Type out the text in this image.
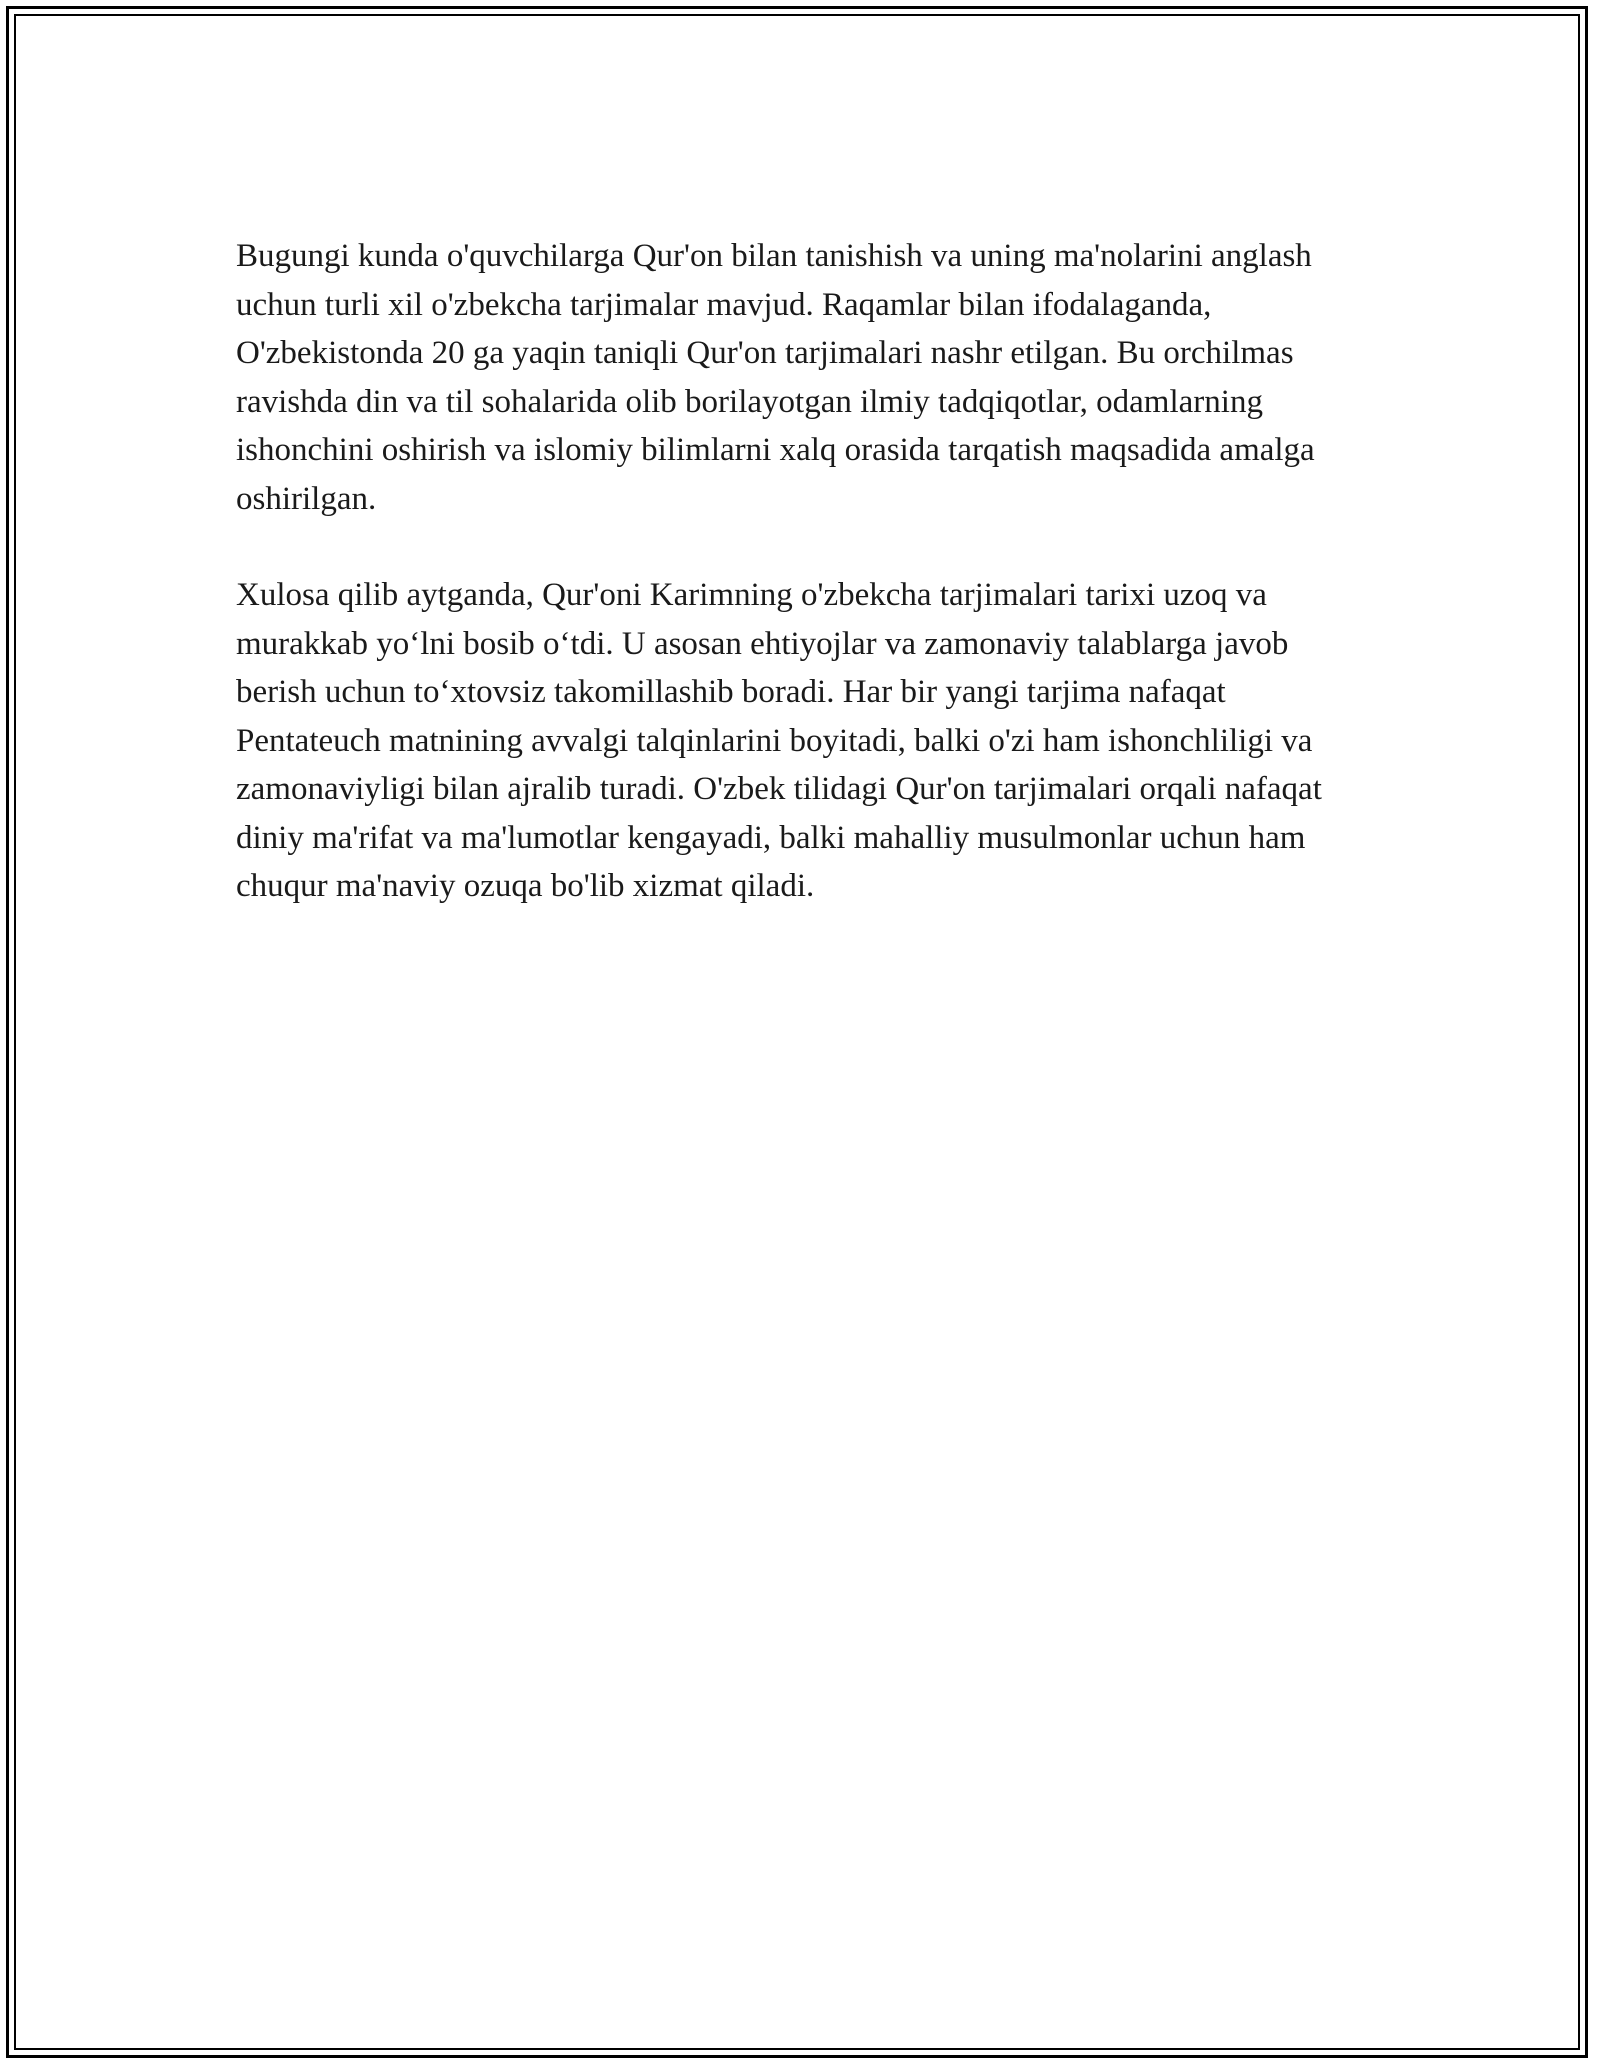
Bugungi kunda o'quvchilarga Qur'on bilan tanishish va uning ma'nolarini anglash uchun turli xil o'zbekcha tarjimalar mavjud. Raqamlar bilan ifodalaganda, O'zbekistonda 20 ga yaqin taniqli Qur'on tarjimalari nashr etilgan. Bu orchilmas ravishda din va til sohalarida olib borilayotgan ilmiy tadqiqotlar, odamlarning ishonchini oshirish va islomiy bilimlarni xalq orasida tarqatish maqsadida amalga oshirilgan.

Xulosa qilib aytganda, Qur'oni Karimning o'zbekcha tarjimalari tarixi uzoq va murakkab yo‘lni bosib o‘tdi. U asosan ehtiyojlar va zamonaviy talablarga javob berish uchun to‘xtovsiz takomillashib boradi. Har bir yangi tarjima nafaqat Pentateuch matnining avvalgi talqinlarini boyitadi, balki o'zi ham ishonchliligi va zamonaviyligi bilan ajralib turadi. O'zbek tilidagi Qur'on tarjimalari orqali nafaqat diniy ma'rifat va ma'lumotlar kengayadi, balki mahalliy musulmonlar uchun ham chuqur ma'naviy ozuqa bo'lib xizmat qiladi.
